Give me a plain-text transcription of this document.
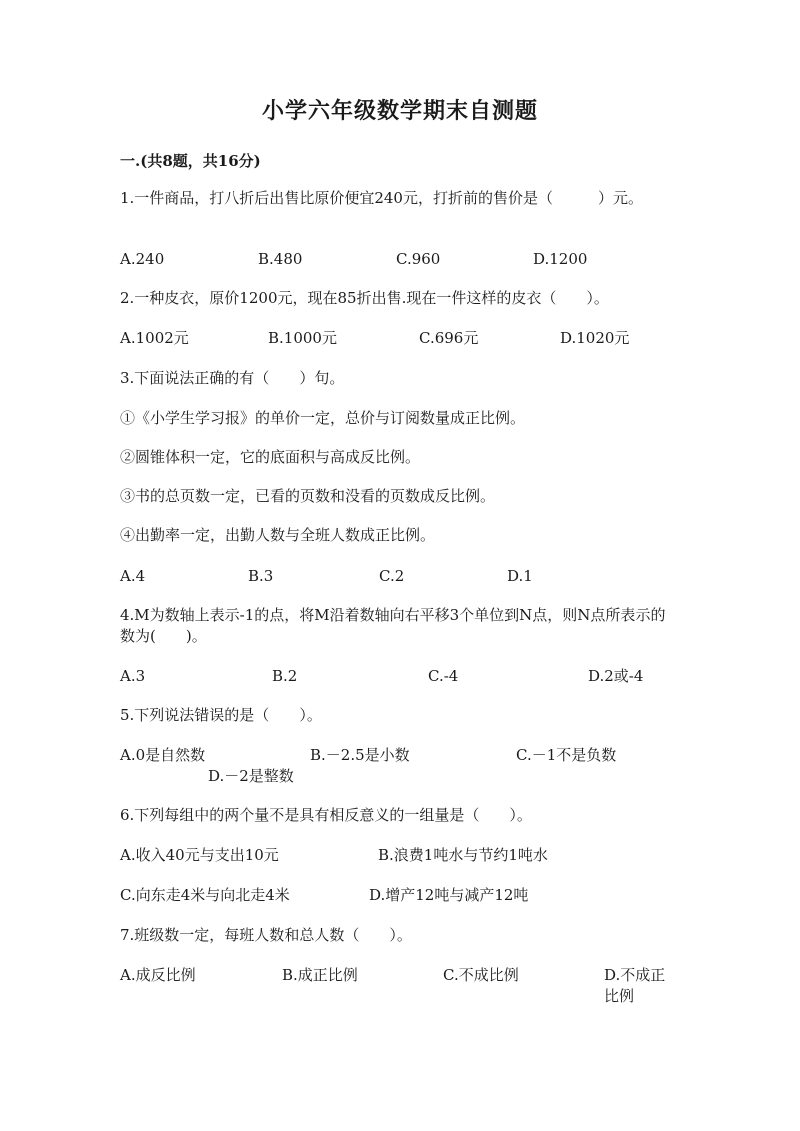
小学六年级数学期末自测题
一.(共8题，共16分)
1.一件商品，打八折后出售比原价便宜240元，打折前的售价是（　　　）元。
A.240	B.480	C.960	D.1200
2.一种皮衣，原价1200元，现在85折出售.现在一件这样的皮衣（　　）。
A.1002元	B.1000元	C.696元	D.1020元
3.下面说法正确的有（　　）句。
①《小学生学习报》的单价一定，总价与订阅数量成正比例。
②圆锥体积一定，它的底面积与高成反比例。
③书的总页数一定，已看的页数和没看的页数成反比例。
④出勤率一定，出勤人数与全班人数成正比例。
A.4	B.3	C.2	D.1
4.M为数轴上表示-1的点，将M沿着数轴向右平移3个单位到N点，则N点所表示的数为(　　)。
A.3	B.2	C.-4	D.2或-4
5.下列说法错误的是（　　）。
A.0是自然数	B.－2.5是小数	C.－1不是负数
D.－2是整数
6.下列每组中的两个量不是具有相反意义的一组量是（　　）。
A.收入40元与支出10元	B.浪费1吨水与节约1吨水
C.向东走4米与向北走4米	D.增产12吨与减产12吨
7.班级数一定，每班人数和总人数（　　）。
A.成反比例	B.成正比例	C.不成比例	D.不成正比例
